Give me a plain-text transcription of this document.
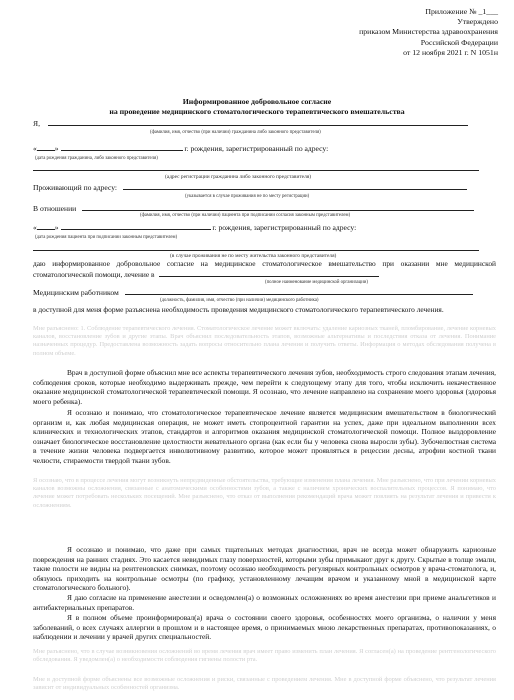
Приложение № _1___
Утверждено
приказом Министерства здравоохранения
Российской Федерации
от 12 ноября 2021 г. N 1051н
Информированное добровольное согласие
на проведение медицинского стоматологического терапевтического вмешательства
Я,
(фамилия, имя, отчество (при наличии) гражданина либо законного представителя)
« »	г. рождения, зарегистрированный по адресу:
(дата рождения гражданина, либо законного представителя)
(адрес регистрации гражданина либо законного представителя)
Проживающий по адресу:
(указывается в случае проживания не по месту регистрации)
В отношении
(фамилия, имя, отчество (при наличии) пациента при подписании согласия законным представителем)
« »	г. рождения, зарегистрированный по адресу:
(дата рождения пациента при подписании законным представителем)
(в случае проживания не по месту жительства законного представителя)
даю информированное добровольное согласие на медицинское стоматологическое вмешательство при оказании мне медицинской стоматологической помощи, лечение в
(полное наименование медицинской организации)
Медицинским работником
(должность, фамилия, имя, отчество (при наличии) медицинского работника)
в доступной для меня форме разъяснена необходимость проведения медицинского стоматологического терапевтического лечения.
Мне разъяснено: 1. Соблюдение терапевтического лечения. Стоматологическое лечение может включать: удаление кариозных тканей, пломбирование, лечение корневых каналов, восстановление зубов и другие этапы. Врач объяснил последовательность этапов, возможные альтернативы и последствия отказа от лечения. Понимание назначенных процедур. Предоставлена возможность задать вопросы относительно плана лечения и получить ответы. Информация о методах обследования получена в полном объеме.
Врач в доступной форме объяснил мне все аспекты терапевтического лечения зубов, необходимость строго следования этапам лечения, соблюдения сроков, которые необходимо выдерживать прежде, чем перейти к следующему этапу для того, чтобы исключить некачественное оказание медицинской стоматологической терапевтической помощи. Я осознаю, что лечение направлено на сохранение моего здоровья (здоровья моего ребенка).
Я осознаю и понимаю, что стоматологическое терапевтическое лечение является медицинским вмешательством в биологический организм и, как любая медицинская операция, не может иметь стопроцентной гарантии на успех, даже при идеальном выполнении всех клинических и технологических этапов, стандартов и алгоритмов оказания медицинской стоматологической помощи. Полное выздоровление означает биологическое восстановление целостности жевательного органа (как если бы у человека снова выросли зубы). Зубочелюстная система в течение жизни человека подвергается инволютивному развитию, которое может проявляться в рецессии десны, атрофии костной ткани челюсти, стираемости твердой ткани зубов.
Я осознаю, что в процессе лечения могут возникнуть непредвиденные обстоятельства, требующие изменения плана лечения. Мне разъяснено, что при лечении корневых каналов возможны осложнения, связанные с анатомическими особенностями зубов, а также с наличием хронических воспалительных процессов. Я понимаю, что лечение может потребовать нескольких посещений. Мне разъяснено, что отказ от выполнения рекомендаций врача может повлиять на результат лечения и привести к осложнениям.
Я осознаю и понимаю, что даже при самых тщательных методах диагностики, врач не всегда может обнаружить кариозные повреждения на ранних стадиях. Это касается невидимых глазу поверхностей, которыми зубы примыкают друг к другу. Скрытые в толще эмали, такие полости не видны на рентгеновских снимках, поэтому осознаю необходимость регулярных контрольных осмотров у врача-стоматолога, и, обязуюсь приходить на контрольные осмотры (по графику, установленному лечащим врачом и указанному мной в медицинской карте стоматологического больного).
Я даю согласие на применение анестезии и осведомлен(а) о возможных осложнениях во время анестезии при приеме анальгетиков и антибактериальных препаратов.
Я в полном объеме проинформировал(а) врача о состоянии своего здоровья, особенностях моего организма, о наличии у меня заболеваний, о всех случаях аллергии в прошлом и в настоящее время, о принимаемых мною лекарственных препаратах, противопоказаниях, о наблюдении и лечении у врачей других специальностей.
Мне разъяснено, что в случае возникновения осложнений во время лечения врач имеет право изменить план лечения. Я согласен(а) на проведение рентгенологического обследования. Я уведомлен(а) о необходимости соблюдения гигиены полости рта.
Мне в доступной форме объяснены все возможные осложнения и риски, связанные с проведением лечения. Мне в доступной форме объяснено, что результат лечения зависит от индивидуальных особенностей организма.
